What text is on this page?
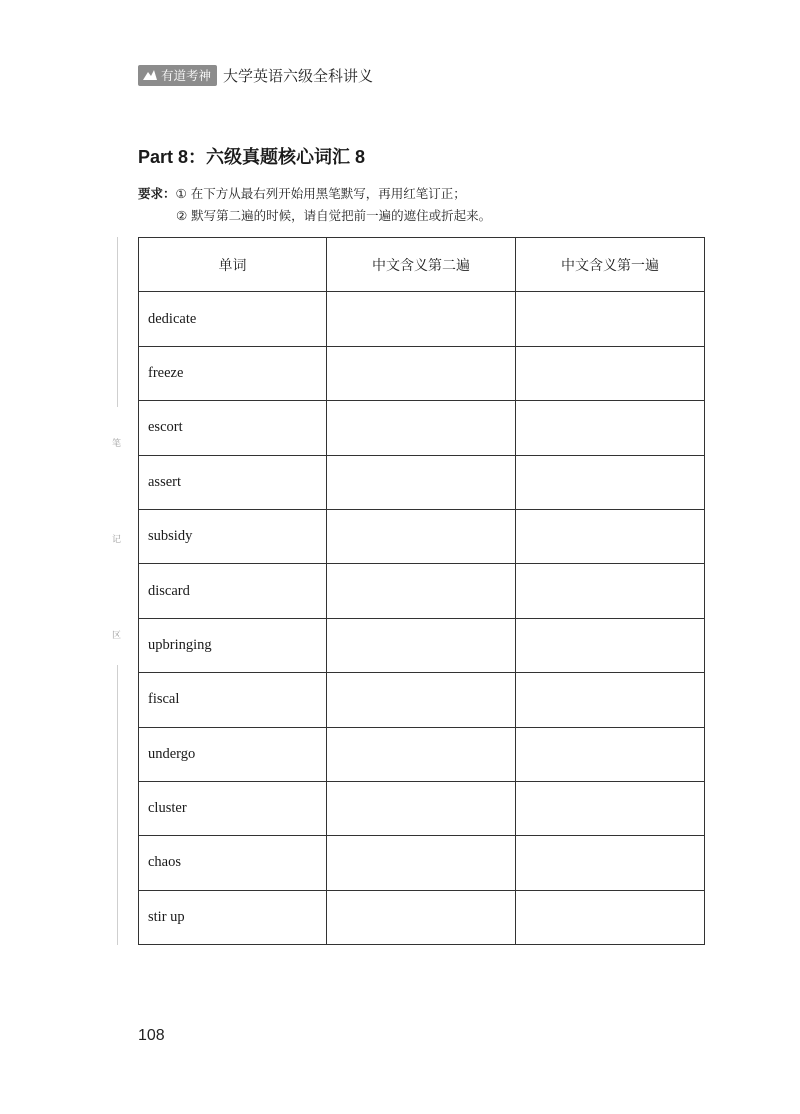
有道考神 大学英语六级全科讲义
Part 8：六级真题核心词汇 8
要求：① 在下方从最右列开始用黑笔默写，再用红笔订正；
② 默写第二遍的时候，请自觉把前一遍的遮住或折起来。
笔
记
区
单词	中文含义第二遍	中文含义第一遍
dedicate		
freeze		
escort		
assert		
subsidy		
discard		
upbringing		
fiscal		
undergo		
cluster		
chaos		
stir up		
108
